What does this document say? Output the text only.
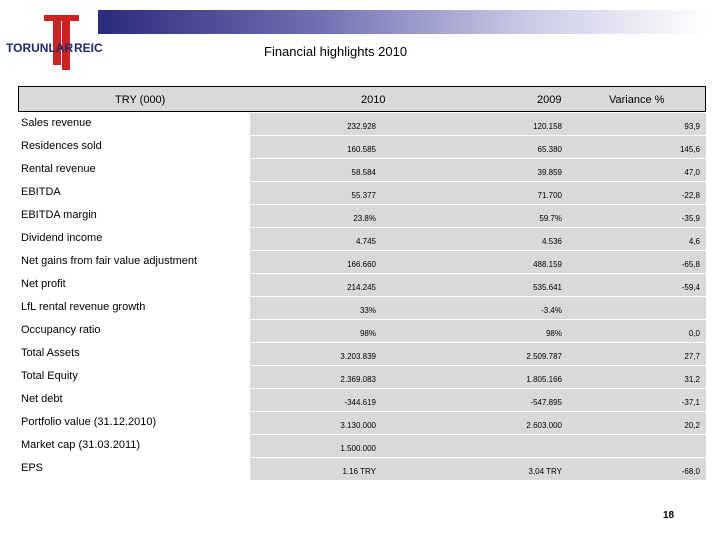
TORUNLAR REIC	Financial highlights 2010
TRY (000)	2010	2009	Variance %
Sales revenue	232.928	120.158	93,9
Residences sold	160.585	65.380	145,6
Rental revenue	58.584	39.859	47,0
EBITDA	55.377	71.700	-22,8
EBITDA margin	23.8%	59.7%	-35,9
Dividend income	4.745	4.536	4,6
Net gains from fair value adjustment	166.660	488.159	-65,8
Net profit	214.245	535.641	-59,4
LfL rental revenue growth	33%	-3.4%
Occupancy ratio	98%	98%	0,0
Total Assets	3.203.839	2.509.787	27,7
Total Equity	2.369.083	1.805.166	31,2
Net debt	-344.619	-547.895	-37,1
Portfolio value (31.12.2010)	3.130.000	2.603.000	20,2
Market cap (31.03.2011)	1.500.000
EPS	1.16 TRY	3,04 TRY	-68,0
18
